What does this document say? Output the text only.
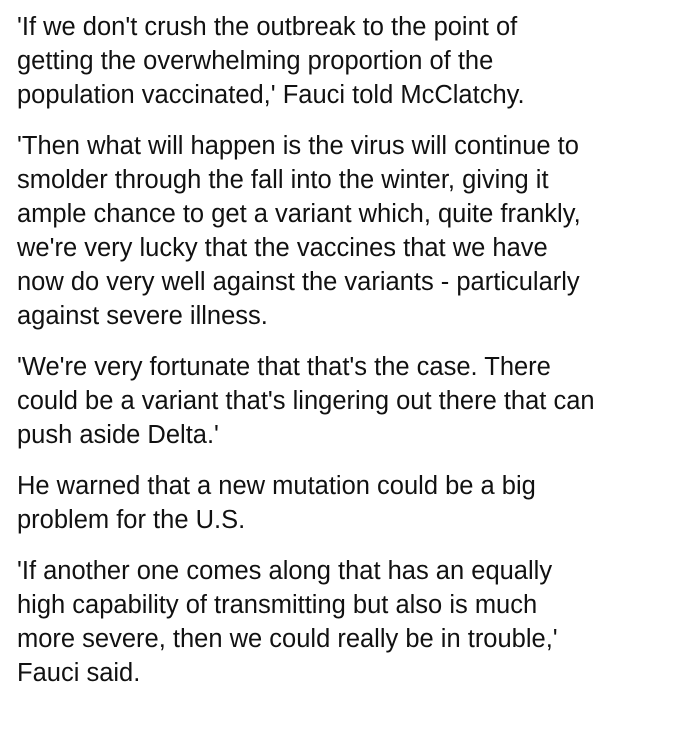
'If we don't crush the outbreak to the point of
getting the overwhelming proportion of the
population vaccinated,' Fauci told McClatchy.

'Then what will happen is the virus will continue to
smolder through the fall into the winter, giving it
ample chance to get a variant which, quite frankly,
we're very lucky that the vaccines that we have
now do very well against the variants - particularly
against severe illness.

'We're very fortunate that that's the case. There
could be a variant that's lingering out there that can
push aside Delta.'

He warned that a new mutation could be a big
problem for the U.S.

'If another one comes along that has an equally
high capability of transmitting but also is much
more severe, then we could really be in trouble,'
Fauci said.
